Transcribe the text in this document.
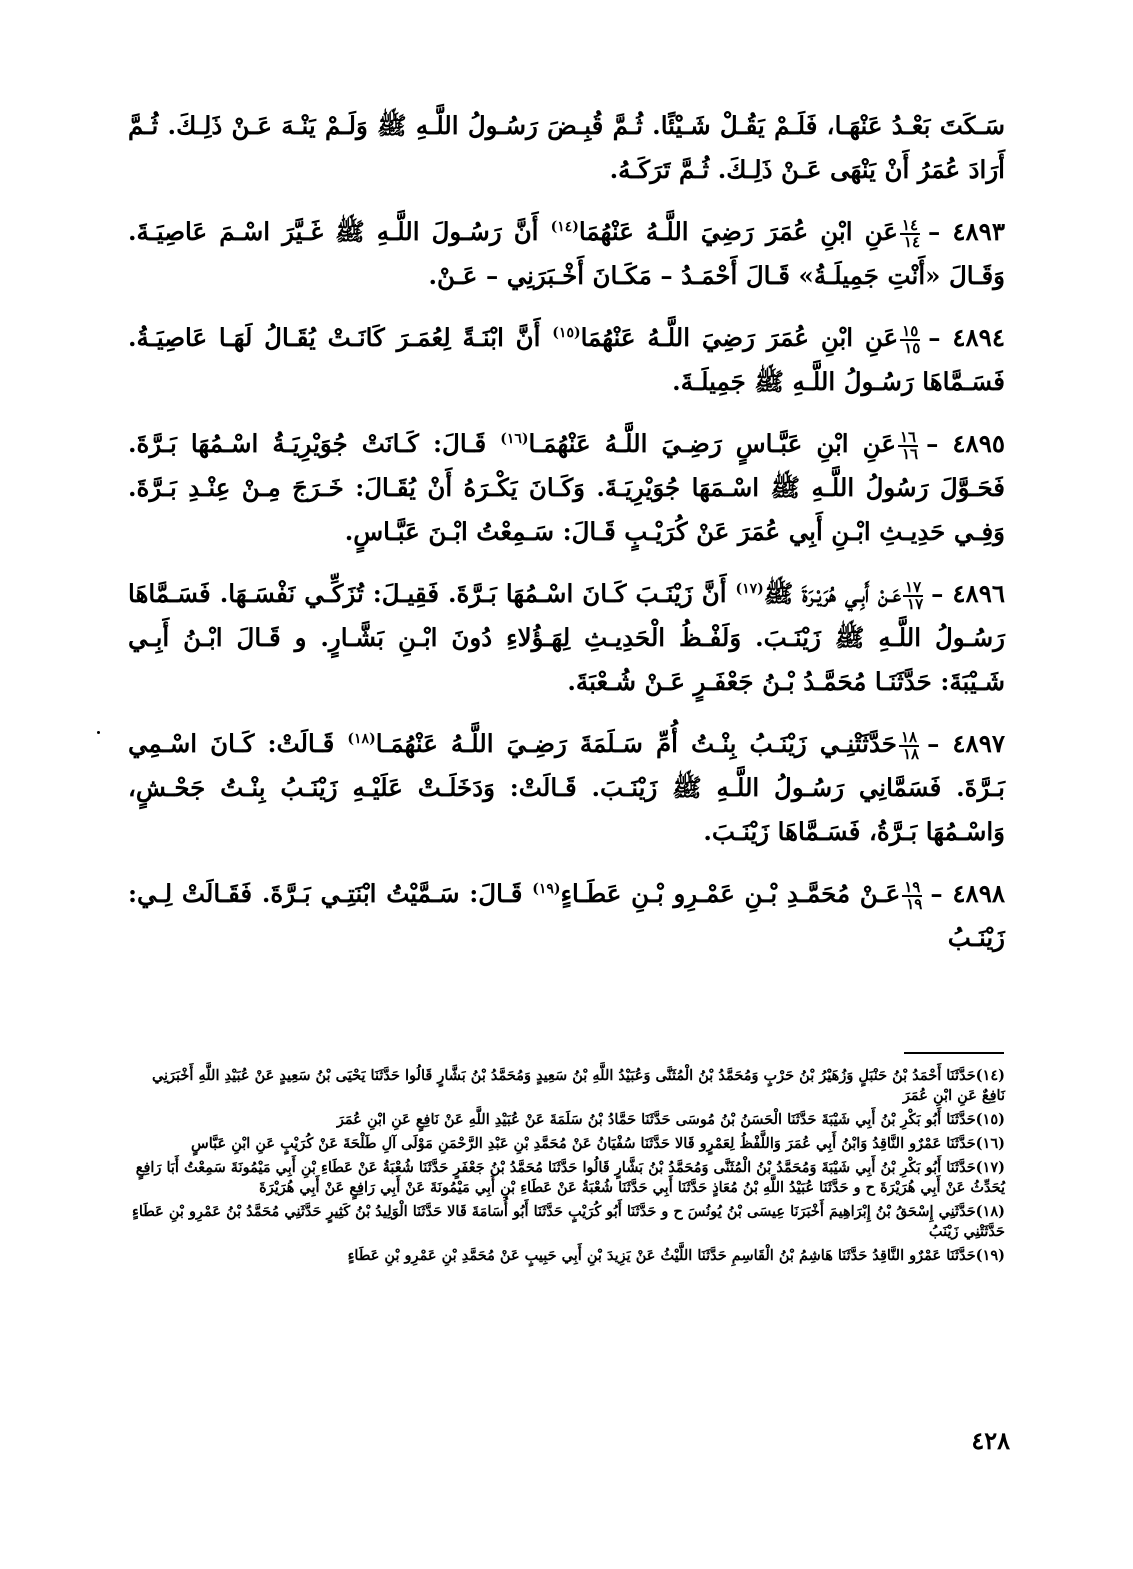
سَـكَتَ بَعْـدُ عَنْهَـا، فَلَـمْ يَقُـلْ شَـيْئًا. ثُـمَّ قُبِـضَ رَسُـولُ اللَّـهِ ﷺ وَلَـمْ يَنْـهَ عَـنْ ذَلِـكَ. ثُـمَّ أَرَادَ عُمَرُ أَنْ يَنْهَى عَـنْ ذَلِـكَ. ثُـمَّ تَرَكَـهُ.

٤٨٩٣ –
$\frac{١٤}{١٤}$
عَنِ ابْنِ عُمَرَ رَضِيَ اللَّـهُ عَنْهُمَا$^{(١٤)}$ أَنَّ رَسُـولَ اللَّـهِ ﷺ غَـيَّرَ اسْـمَ عَاصِيَـةَ. وَقَـالَ «أَنْتِ جَمِيلَـةُ» قَـالَ أَحْمَـدُ – مَكَـانَ أَخْـبَرَنِي – عَـنْ.

٤٨٩٤ –
$\frac{١٥}{١٥}$
عَنِ ابْنِ عُمَرَ رَضِيَ اللَّـهُ عَنْهُمَا$^{(١٥)}$ أَنَّ ابْنَـةً لِعُمَـرَ كَانَـتْ يُقَـالُ لَهَـا عَاصِيَـةُ. فَسَـمَّاهَا رَسُـولُ اللَّـهِ ﷺ جَمِيلَـةَ.

٤٨٩٥ –
$\frac{١٦}{١٦}$
عَنِ ابْنِ عَبَّـاسٍ رَضِـيَ اللَّـهُ عَنْهُمَـا$^{(١٦)}$ قَـالَ: كَـانَتْ جُوَيْرِيَـةُ اسْـمُهَا بَـرَّةَ. فَحَـوَّلَ رَسُولُ اللَّـهِ ﷺ اسْـمَهَا جُوَيْرِيَـةَ. وَكَـانَ يَكْـرَهُ أَنْ يُقَـالَ: خَـرَجَ مِـنْ عِنْـدِ بَـرَّةَ. وَفِـي حَدِيـثِ ابْـنِ أَبِي عُمَرَ عَنْ كُرَيْـبٍ قَـالَ: سَـمِعْتُ ابْـنَ عَبَّـاسٍ.

٤٨٩٦ –
$\frac{١٧}{١٧}$
عَـنْ أَبِـي هُرَيْـرَةَ ﷺ$^{(١٧)}$ أَنَّ زَيْنَـبَ كَـانَ اسْـمُهَا بَـرَّةَ. فَقِيـلَ: تُزَكِّـي نَفْسَـهَا. فَسَـمَّاهَا رَسُـولُ اللَّـهِ ﷺ زَيْنَـبَ. وَلَفْـظُ الْحَدِيـثِ لِهَـؤُلاءِ دُونَ ابْـنِ بَشَّـارٍ. و قَـالَ ابْـنُ أَبِـي شَـيْبَةَ: حَدَّثَنَـا مُحَمَّـدُ بْـنُ جَعْفَـرٍ عَـنْ شُـعْبَةَ.

٤٨٩٧ –
$\frac{١٨}{١٨}$
حَدَّثَتْنِـي زَيْنَـبُ بِنْـتُ أُمِّ سَـلَمَةَ رَضِـيَ اللَّـهُ عَنْهُمَـا$^{(١٨)}$ قَـالَتْ: كَـانَ اسْـمِي بَـرَّةَ. فَسَمَّانِي رَسُـولُ اللَّـهِ ﷺ زَيْنَـبَ. قَـالَتْ: وَدَخَلَـتْ عَلَيْـهِ زَيْنَـبُ بِنْـتُ جَحْـشٍ، وَاسْـمُهَا بَـرَّةُ، فَسَـمَّاهَا زَيْنَـبَ.

٤٨٩٨ –
$\frac{١٩}{١٩}$
عَـنْ مُحَمَّـدِ بْـنِ عَمْـرِو بْـنِ عَطَـاءٍ$^{(١٩)}$ قَـالَ: سَـمَّيْتُ ابْنَتِـي بَـرَّةَ. فَقَـالَتْ لِـي: زَيْنَـبُ

(١٤)حَدَّثَنَا أَحْمَدُ بْنُ حَنْبَلٍ وَزُهَيْرُ بْنُ حَرْبٍ وَمُحَمَّدُ بْنُ الْمُثَنَّى وَعُبَيْدُ اللَّهِ بْنُ سَعِيدٍ وَمُحَمَّدُ بْنُ بَشَّارٍ قَالُوا حَدَّثَنَا يَحْيَى بْنُ سَعِيدٍ عَنْ عُبَيْدِ اللَّهِ أَخْبَرَنِي نَافِعٌ عَنِ ابْنِ عُمَرَ
(١٥)حَدَّثَنَا أَبُو بَكْرِ بْنُ أَبِي شَيْبَةَ حَدَّثَنَا الْحَسَنُ بْنُ مُوسَى حَدَّثَنَا حَمَّادُ بْنُ سَلَمَةَ عَنْ عُبَيْدِ اللَّهِ عَنْ نَافِعٍ عَنِ ابْنِ عُمَرَ
(١٦)حَدَّثَنَا عَمْرٌو النَّاقِدُ وَابْنُ أَبِي عُمَرَ وَاللَّفْظُ لِعَمْرٍو قَالا حَدَّثَنَا سُفْيَانُ عَنْ مُحَمَّدِ بْنِ عَبْدِ الرَّحْمَنِ مَوْلَى آلِ طَلْحَةَ عَنْ كُرَيْبٍ عَنِ ابْنِ عَبَّاسٍ
(١٧)حَدَّثَنَا أَبُو بَكْرِ بْنُ أَبِي شَيْبَةَ وَمُحَمَّدُ بْنُ الْمُثَنَّى وَمُحَمَّدُ بْنُ بَشَّارٍ قَالُوا حَدَّثَنَا مُحَمَّدُ بْنُ جَعْفَرٍ حَدَّثَنَا شُعْبَةُ عَنْ عَطَاءِ بْنِ أَبِي مَيْمُونَةَ سَمِعْتُ أَبَا رَافِعٍ يُحَدِّثُ عَنْ أَبِي هُرَيْرَةَ ح و حَدَّثَنَا عُبَيْدُ اللَّهِ بْنُ مُعَاذٍ حَدَّثَنَا أَبِي حَدَّثَنَا شُعْبَةُ عَنْ عَطَاءِ بْنِ أَبِي مَيْمُونَةَ عَنْ أَبِي رَافِعٍ عَنْ أَبِي هُرَيْرَةَ
(١٨)حَدَّثَنِي إِسْحَقُ بْنُ إِبْرَاهِيمَ أَخْبَرَنَا عِيسَى بْنُ يُونُسَ ح و حَدَّثَنَا أَبُو كُرَيْبٍ حَدَّثَنَا أَبُو أُسَامَةَ قَالا حَدَّثَنَا الْوَلِيدُ بْنُ كَثِيرٍ حَدَّثَنِي مُحَمَّدُ بْنُ عَمْرِو بْنِ عَطَاءٍ حَدَّثَتْنِي زَيْنَبُ
(١٩)حَدَّثَنَا عَمْرٌو النَّاقِدُ حَدَّثَنَا هَاشِمُ بْنُ الْقَاسِمِ حَدَّثَنَا اللَّيْثُ عَنْ يَزِيدَ بْنِ أَبِي حَبِيبٍ عَنْ مُحَمَّدِ بْنِ عَمْرِو بْنِ عَطَاءٍ
٤٢٨
